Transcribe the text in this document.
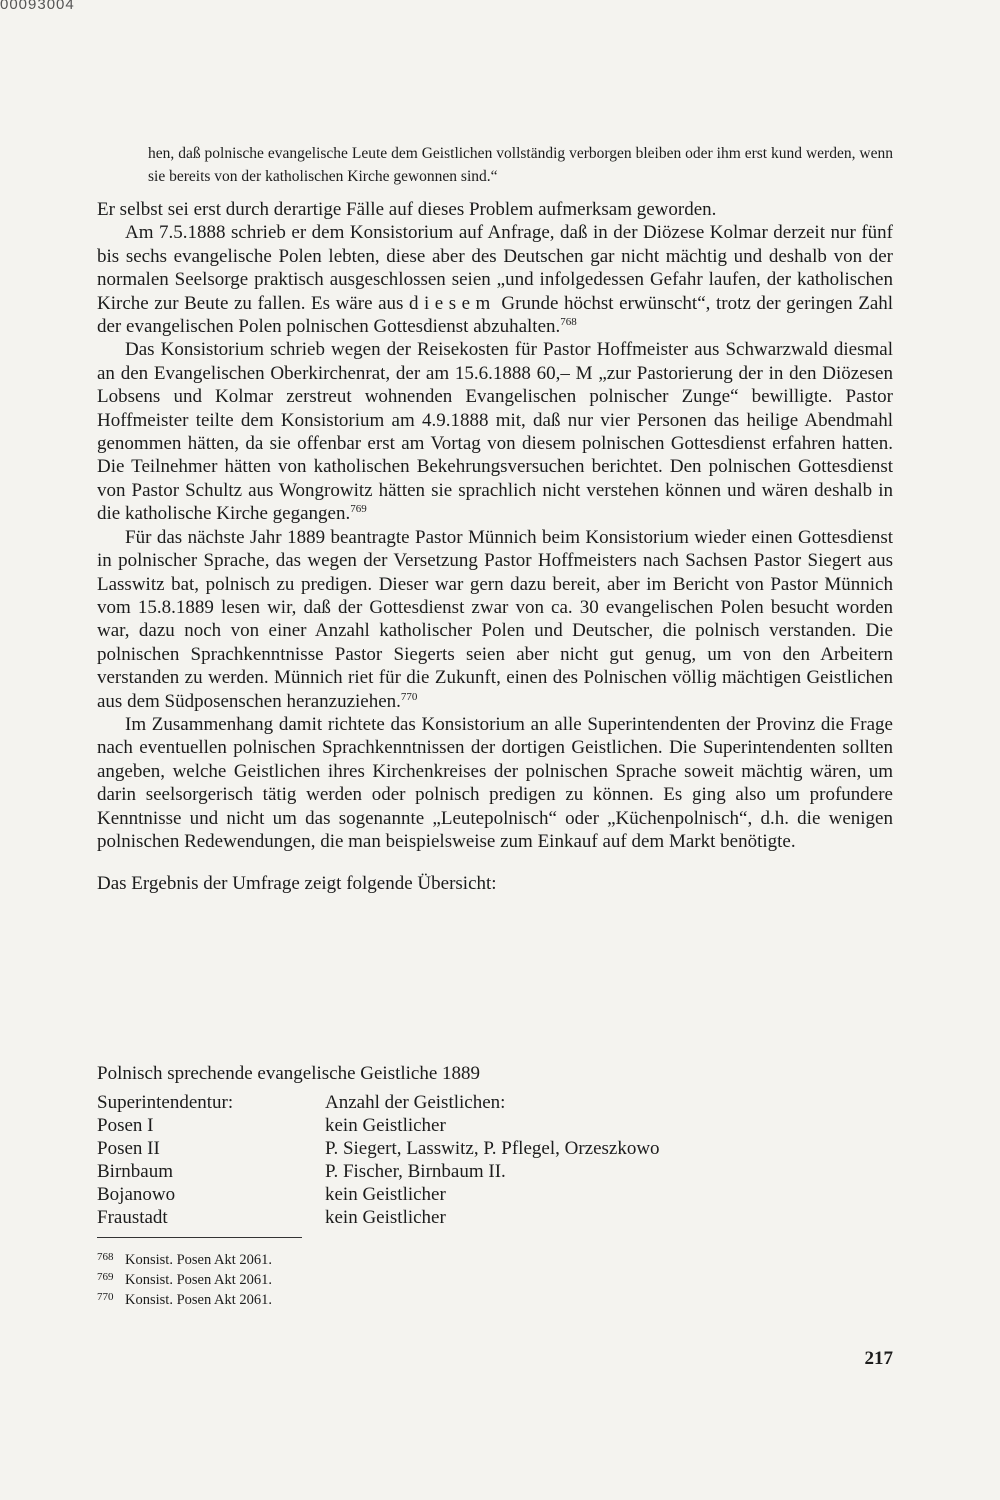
00093004
hen, daß polnische evangelische Leute dem Geistlichen vollständig verborgen bleiben oder ihm erst kund werden, wenn sie bereits von der katholischen Kirche gewonnen sind.“

Er selbst sei erst durch derartige Fälle auf dieses Problem aufmerksam geworden.

Am 7.5.1888 schrieb er dem Konsistorium auf Anfrage, daß in der Diözese Kolmar derzeit nur fünf bis sechs evangelische Polen lebten, diese aber des Deutschen gar nicht mächtig und deshalb von der normalen Seelsorge praktisch ausgeschlossen seien „und infolgedessen Gefahr laufen, der katholischen Kirche zur Beute zu fallen. Es wäre aus diesem Grunde höchst erwünscht“, trotz der geringen Zahl der evangelischen Polen polnischen Gottesdienst abzuhalten.$^{768}$

Das Konsistorium schrieb wegen der Reisekosten für Pastor Hoffmeister aus Schwarzwald diesmal an den Evangelischen Oberkirchenrat, der am 15.6.1888 60,– M „zur Pastorierung der in den Diözesen Lobsens und Kolmar zerstreut wohnenden Evangelischen polnischer Zunge“ bewilligte. Pastor Hoffmeister teilte dem Konsistorium am 4.9.1888 mit, daß nur vier Personen das heilige Abendmahl genommen hätten, da sie offenbar erst am Vortag von diesem polnischen Gottesdienst erfahren hatten. Die Teilnehmer hätten von katholischen Bekehrungsversuchen berichtet. Den polnischen Gottesdienst von Pastor Schultz aus Wongrowitz hätten sie sprachlich nicht verstehen können und wären deshalb in die katholische Kirche gegangen.$^{769}$

Für das nächste Jahr 1889 beantragte Pastor Münnich beim Konsistorium wieder einen Gottesdienst in polnischer Sprache, das wegen der Versetzung Pastor Hoffmeisters nach Sachsen Pastor Siegert aus Lasswitz bat, polnisch zu predigen. Dieser war gern dazu bereit, aber im Bericht von Pastor Münnich vom 15.8.1889 lesen wir, daß der Gottesdienst zwar von ca. 30 evangelischen Polen besucht worden war, dazu noch von einer Anzahl katholischer Polen und Deutscher, die polnisch verstanden. Die polnischen Sprachkenntnisse Pastor Siegerts seien aber nicht gut genug, um von den Arbeitern verstanden zu werden. Münnich riet für die Zukunft, einen des Polnischen völlig mächtigen Geistlichen aus dem Südposenschen heranzuziehen.$^{770}$

Im Zusammenhang damit richtete das Konsistorium an alle Superintendenten der Provinz die Frage nach eventuellen polnischen Sprachkenntnissen der dortigen Geistlichen. Die Superintendenten sollten angeben, welche Geistlichen ihres Kirchenkreises der polnischen Sprache soweit mächtig wären, um darin seelsorgerisch tätig werden oder polnisch predigen zu können. Es ging also um profundere Kenntnisse und nicht um das sogenannte „Leutepolnisch“ oder „Küchenpolnisch“, d.h. die wenigen polnischen Redewendungen, die man beispielsweise zum Einkauf auf dem Markt benötigte.

Das Ergebnis der Umfrage zeigt folgende Übersicht:

Polnisch sprechende evangelische Geistliche 1889
Superintendentur:	Anzahl der Geistlichen:
Posen I	kein Geistlicher
Posen II	P. Siegert, Lasswitz, P. Pflegel, Orzeszkowo
Birnbaum	P. Fischer, Birnbaum II.
Bojanowo	kein Geistlicher
Fraustadt	kein Geistlicher
768 Konsist. Posen Akt 2061.
769 Konsist. Posen Akt 2061.
770 Konsist. Posen Akt 2061.
217
